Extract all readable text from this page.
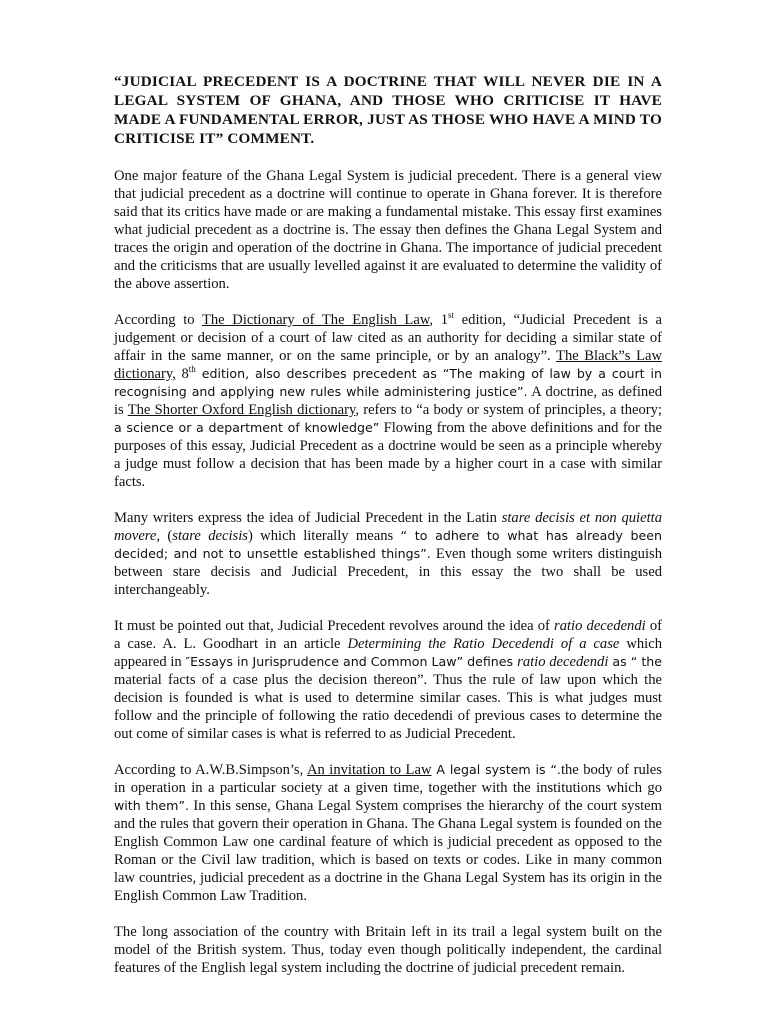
“JUDICIAL PRECEDENT IS A DOCTRINE THAT WILL NEVER DIE IN A LEGAL SYSTEM OF GHANA, AND THOSE WHO CRITICISE IT HAVE MADE A FUNDAMENTAL ERROR, JUST AS THOSE WHO HAVE A MIND TO CRITICISE IT” COMMENT.

One major feature of the Ghana Legal System is judicial precedent. There is a general view that judicial precedent as a doctrine will continue to operate in Ghana forever. It is therefore said that its critics have made or are making a fundamental mistake. This essay first examines what judicial precedent as a doctrine is. The essay then defines the Ghana Legal System and traces the origin and operation of the doctrine in Ghana. The importance of judicial precedent and the criticisms that are usually levelled against it are evaluated to determine the validity of the above assertion.

According to The Dictionary of The English Law, 1st edition, “Judicial Precedent is a judgement or decision of a court of law cited as an authority for deciding a similar state of affair in the same manner, or on the same principle, or by an analogy”. The Black”s Law dictionary, 8th edition, also describes precedent as “The making of law by a court in recognising and applying new rules while administering justice”. A doctrine, as defined is The Shorter Oxford English dictionary, refers to “a body or system of principles, a theory; a science or a department of knowledge” Flowing from the above definitions and for the purposes of this essay, Judicial Precedent as a doctrine would be seen as a principle whereby a judge must follow a decision that has been made by a higher court in a case with similar facts.

Many writers express the idea of Judicial Precedent in the Latin stare decisis et non quietta movere, (stare decisis) which literally means “ to adhere to what has already been decided; and not to unsettle established things”. Even though some writers distinguish between stare decisis and Judicial Precedent, in this essay the two shall be used interchangeably.

It must be pointed out that, Judicial Precedent revolves around the idea of ratio decedendi of a case. A. L. Goodhart in an article Determining the Ratio Decedendi of a case which appeared in ″Essays in Jurisprudence and Common Law” defines ratio decedendi as “ the material facts of a case plus the decision thereon”. Thus the rule of law upon which the decision is founded is what is used to determine similar cases. This is what judges must follow and the principle of following the ratio decedendi of previous cases to determine the out come of similar cases is what is referred to as Judicial Precedent.

According to A.W.B.Simpson’s, An invitation to Law A legal system is “.the body of rules in operation in a particular society at a given time, together with the institutions which go with them”. In this sense, Ghana Legal System comprises the hierarchy of the court system and the rules that govern their operation in Ghana. The Ghana Legal system is founded on the English Common Law one cardinal feature of which is judicial precedent as opposed to the Roman or the Civil law tradition, which is based on texts or codes. Like in many common law countries, judicial precedent as a doctrine in the Ghana Legal System has its origin in the English Common Law Tradition.

The long association of the country with Britain left in its trail a legal system built on the model of the British system. Thus, today even though politically independent, the cardinal features of the English legal system including the doctrine of judicial precedent remain.
